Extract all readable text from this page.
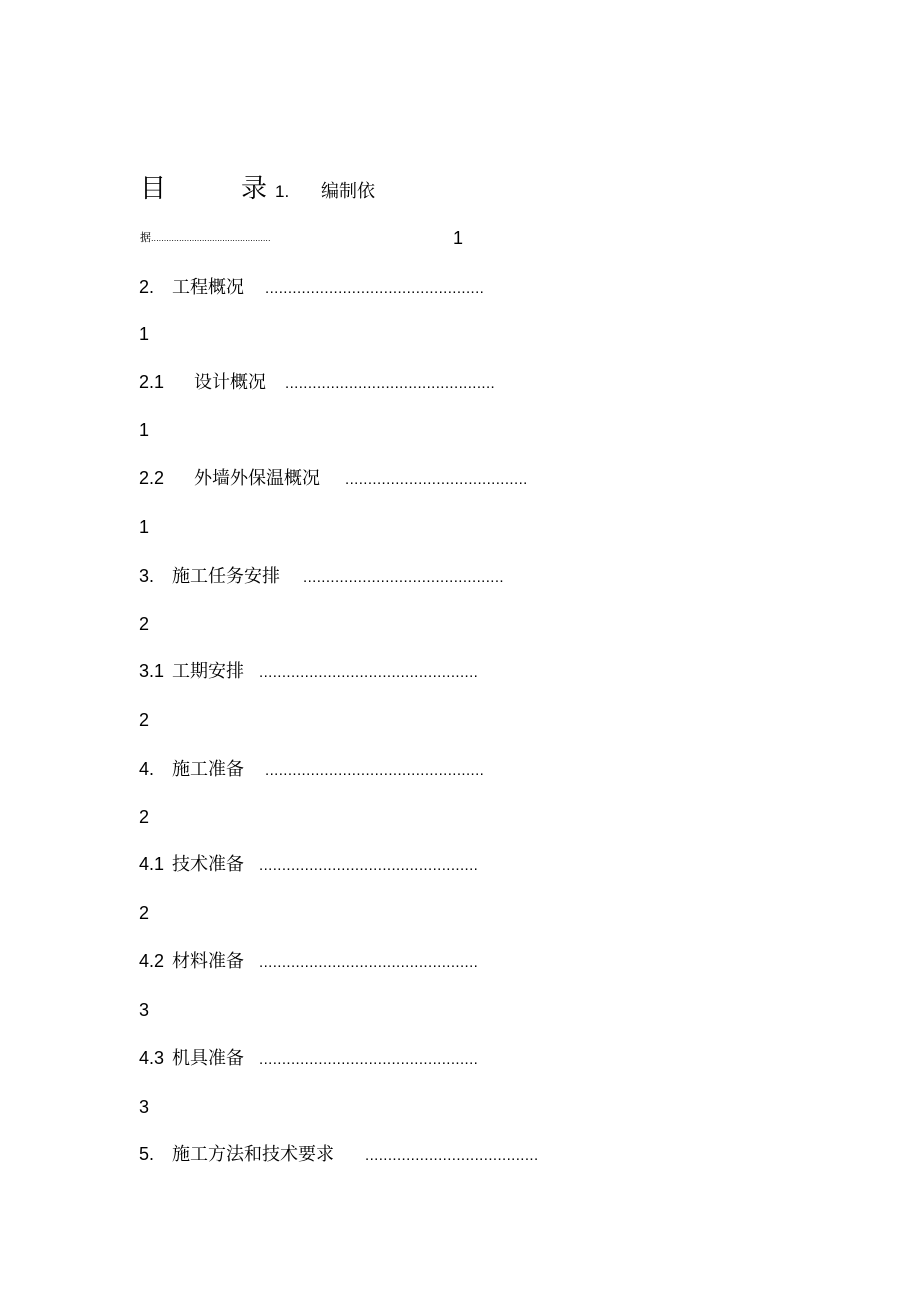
目	录 1. 编制依
据...............................................	1
2. 工程概况 ................................................
1
2.1 设计概况 ..............................................
1
2.2 外墙外保温概况 ........................................
1
3. 施工任务安排 ............................................
2
3.1 工期安排 ................................................
2
4. 施工准备 ................................................
2
4.1 技术准备 ................................................
2
4.2 材料准备 ................................................
3
4.3 机具准备 ................................................
3
5. 施工方法和技术要求 ......................................
